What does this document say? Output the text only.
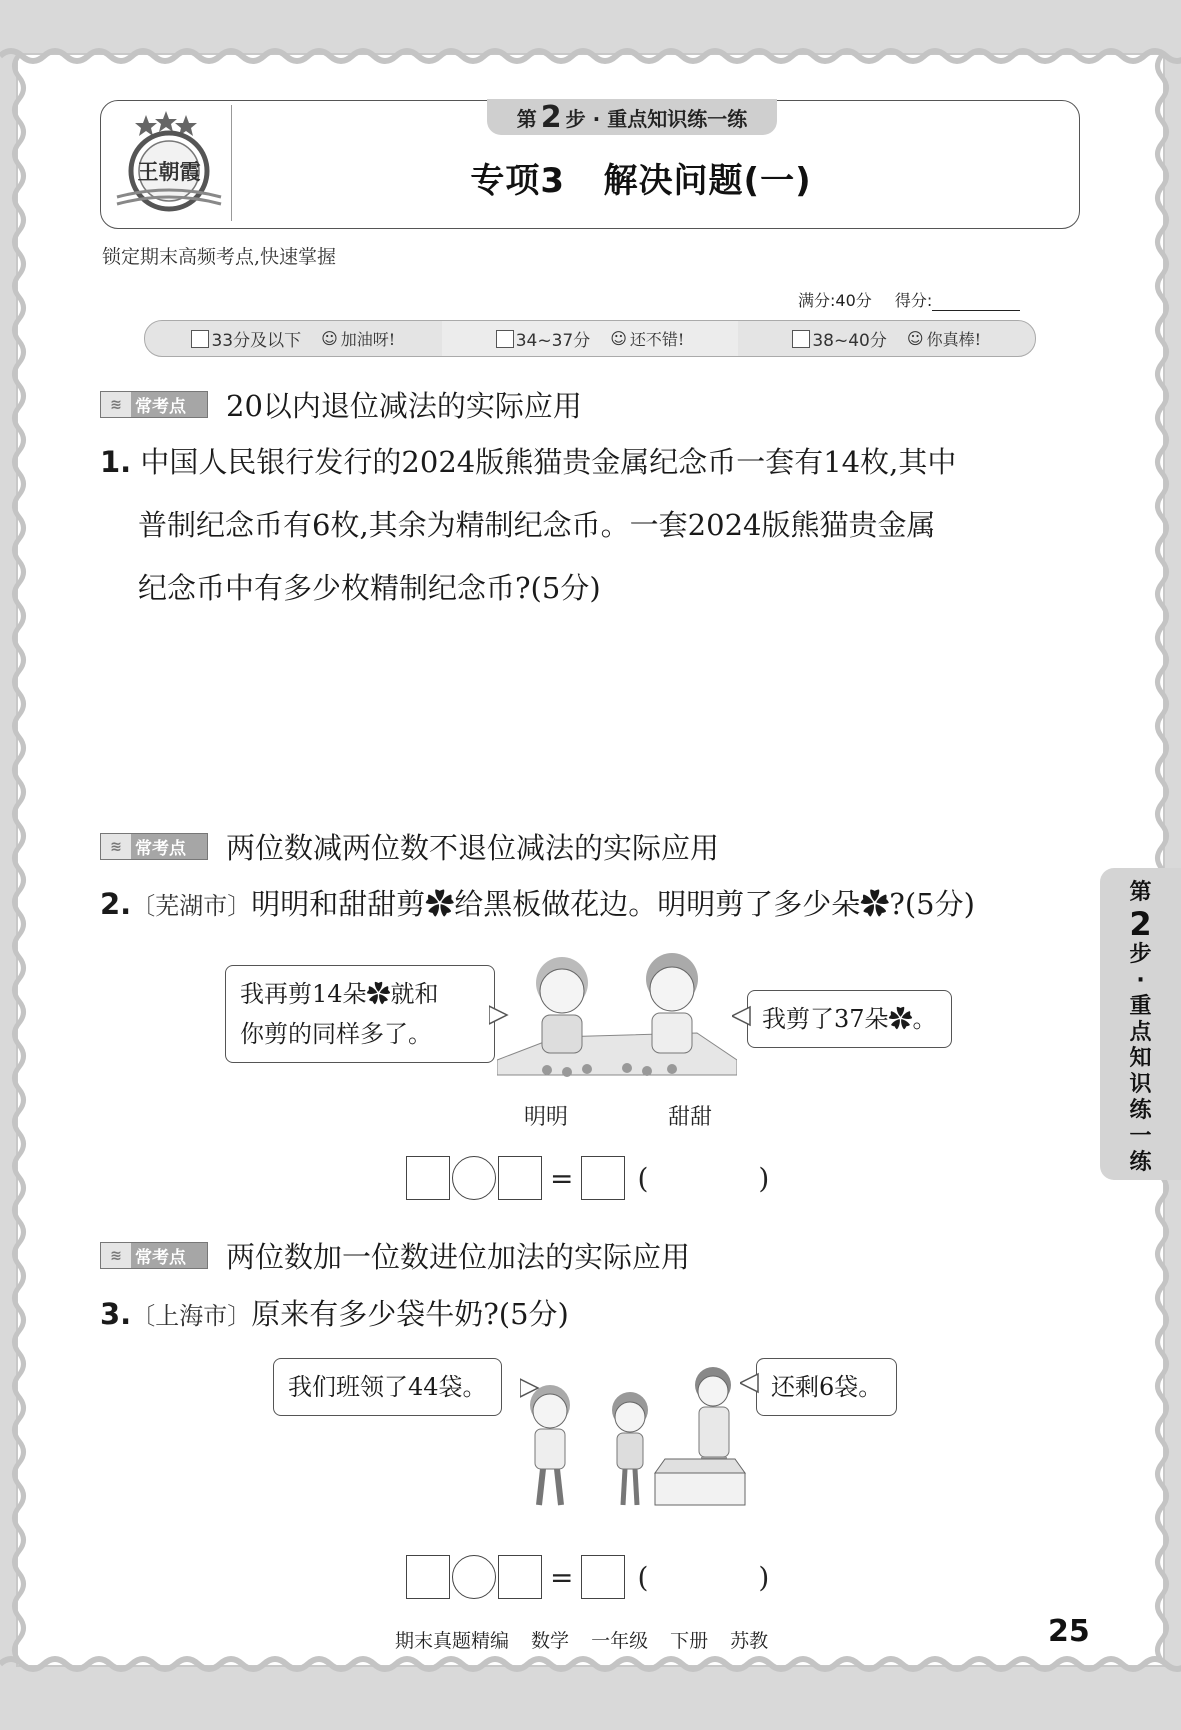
王朝霞
第 2 步 · 重点知识练一练
专项3   解决问题(一)
锁定期末高频考点,快速掌握
满分:40分 得分:
33分及以下 ☺ 加油呀!	34~37分 ☺ 还不错!	38~40分 ☺ 你真棒!
≋ 常考点 20以内退位减法的实际应用
1. 中国人民银行发行的2024版熊猫贵金属纪念币一套有14枚,其中
普制纪念币有6枚,其余为精制纪念币。一套2024版熊猫贵金属
纪念币中有多少枚精制纪念币?(5分)
≋ 常考点 两位数减两位数不退位减法的实际应用
2.〔芜湖市〕明明和甜甜剪✿给黑板做花边。明明剪了多少朵✿?(5分)
我再剪14朵✿就和
你剪的同样多了。
我剪了37朵✿。
明明	甜甜
= (	)
≋ 常考点 两位数加一位数进位加法的实际应用
3.〔上海市〕原来有多少袋牛奶?(5分)
我们班领了44袋。	还剩6袋。
= (	)
第
2
步
·
重
点
知
识
练
一
练
期末真题精编 数学 一年级 下册 苏教	25
